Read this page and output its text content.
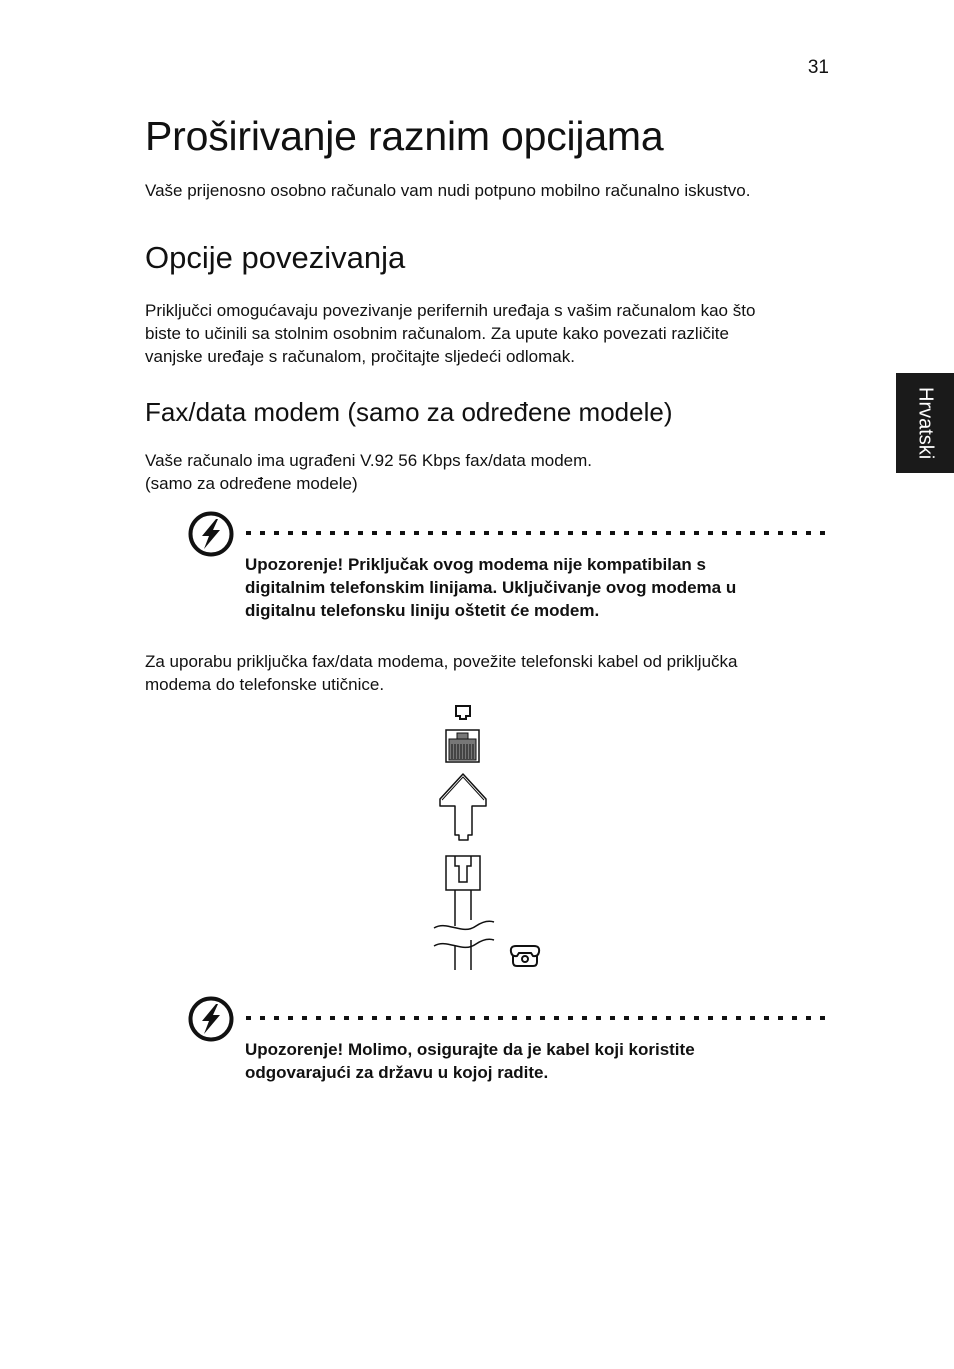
31
Hrvatski
Proširivanje raznim opcijama
Vaše prijenosno osobno računalo vam nudi potpuno mobilno računalno iskustvo.
Opcije povezivanja
Priključci omogućavaju povezivanje perifernih uređaja s vašim računalom kao što
biste to učinili sa stolnim osobnim računalom. Za upute kako povezati različite
vanjske uređaje s računalom, pročitajte sljedeći odlomak.
Fax/data modem (samo za određene modele)
Vaše računalo ima ugrađeni V.92 56 Kbps fax/data modem.
(samo za određene modele)
Upozorenje! Priključak ovog modema nije kompatibilan s
digitalnim telefonskim linijama. Uključivanje ovog modema u
digitalnu telefonsku liniju oštetit će modem.
Za uporabu priključka fax/data modema, povežite telefonski kabel od priključka
modema do telefonske utičnice.
Upozorenje! Molimo, osigurajte da je kabel koji koristite
odgovarajući za državu u kojoj radite.
